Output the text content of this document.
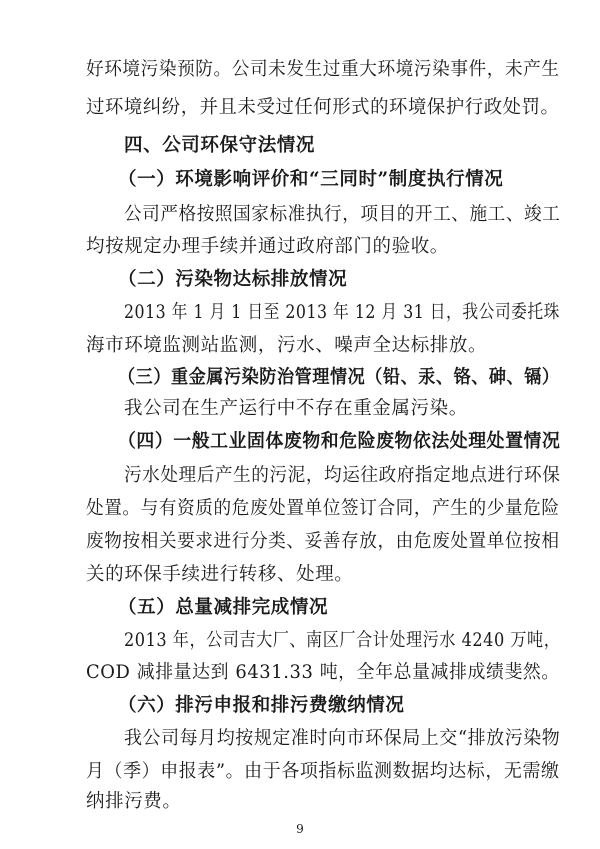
好环境污染预防。公司未发生过重大环境污染事件，未产生
过环境纠纷，并且未受过任何形式的环境保护行政处罚。
四、公司环保守法情况
（一）环境影响评价和“三同时”制度执行情况
公司严格按照国家标准执行，项目的开工、施工、竣工
均按规定办理手续并通过政府部门的验收。
（二）污染物达标排放情况
2013 年 1 月 1 日至 2013 年 12 月 31 日，我公司委托珠
海市环境监测站监测，污水、噪声全达标排放。
（三）重金属污染防治管理情况（铅、汞、铬、砷、镉）
我公司在生产运行中不存在重金属污染。
（四）一般工业固体废物和危险废物依法处理处置情况
污水处理后产生的污泥，均运往政府指定地点进行环保
处置。与有资质的危废处置单位签订合同，产生的少量危险
废物按相关要求进行分类、妥善存放，由危废处置单位按相
关的环保手续进行转移、处理。
（五）总量减排完成情况
2013 年，公司吉大厂、南区厂合计处理污水 4240 万吨，
COD 减排量达到 6431.33 吨，全年总量减排成绩斐然。
（六）排污申报和排污费缴纳情况
我公司每月均按规定准时向市环保局上交“排放污染物
月（季）申报表”。由于各项指标监测数据均达标，无需缴
纳排污费。
9
